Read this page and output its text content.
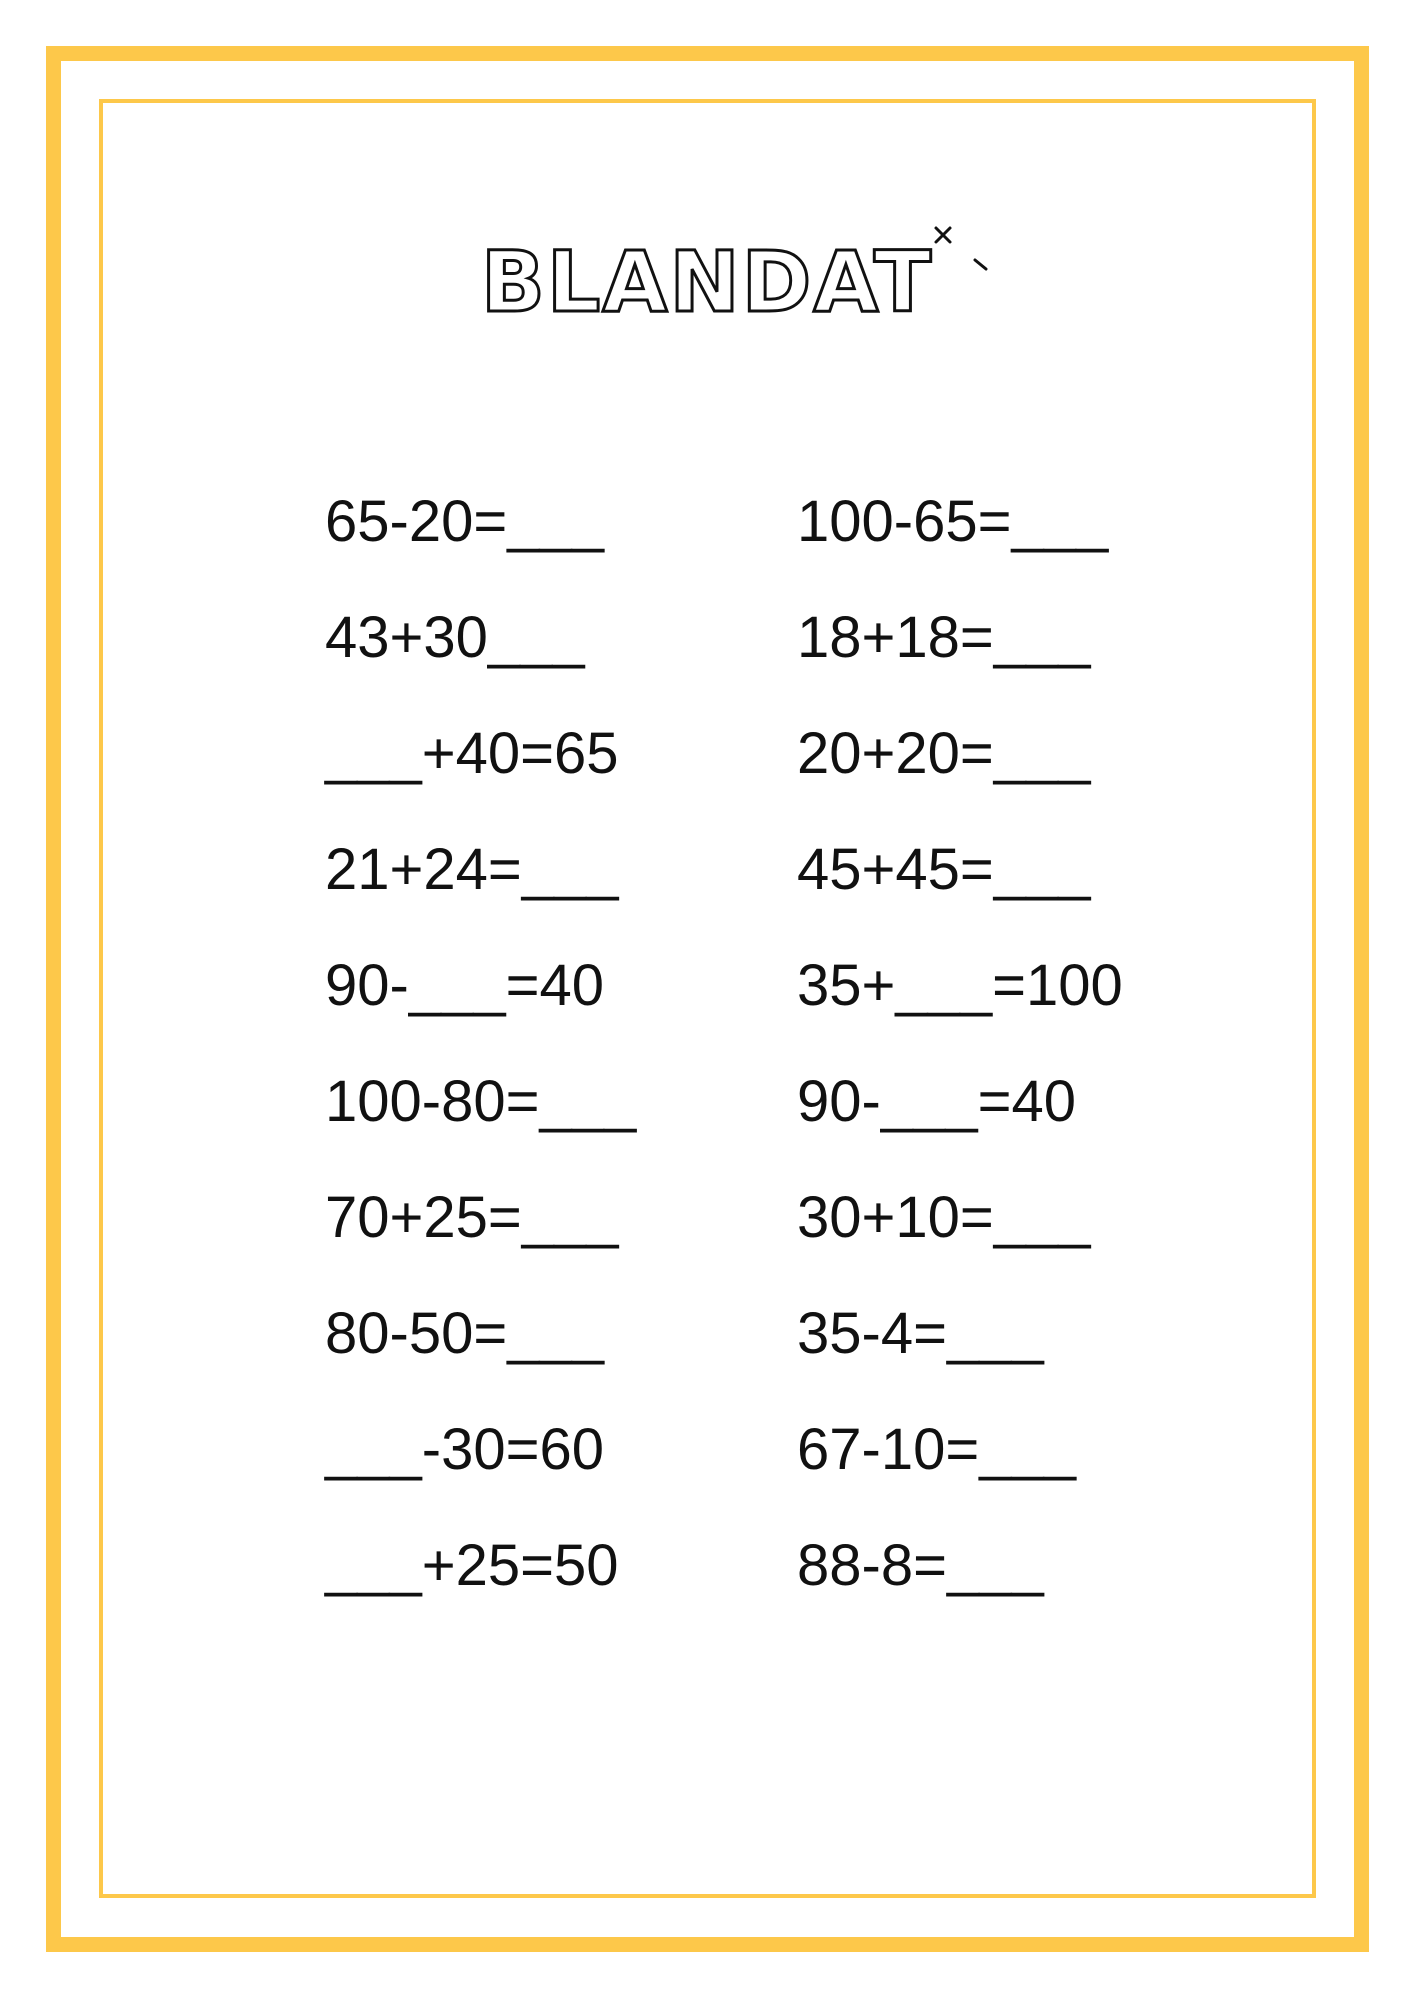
BLANDAT
65-20=___
43+30___
___+40=65
21+24=___
90-___=40
100-80=___
70+25=___
80-50=___
___-30=60
___+25=50
100-65=___
18+18=___
20+20=___
45+45=___
35+___=100
90-___=40
30+10=___
35-4=___
67-10=___
88-8=___
